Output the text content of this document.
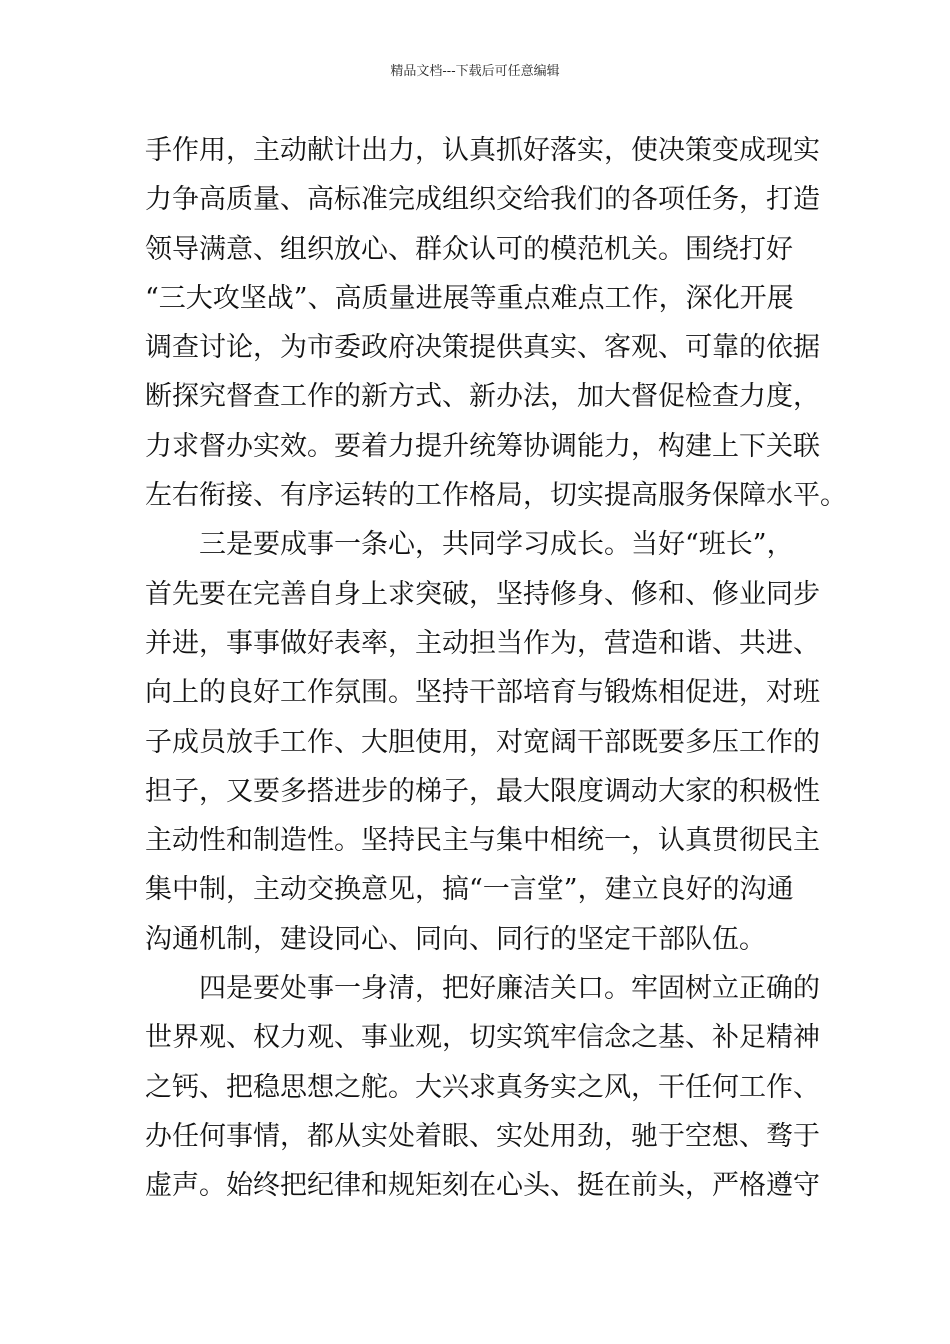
精品文档---下载后可任意编辑
手作用，主动献计出力，认真抓好落实，使决策变成现实
力争高质量、高标准完成组织交给我们的各项任务，打造
领导满意、组织放心、群众认可的模范机关。围绕打好
“三大攻坚战”、高质量进展等重点难点工作，深化开展
调查讨论，为市委政府决策提供真实、客观、可靠的依据
断探究督查工作的新方式、新办法，加大督促检查力度，
力求督办实效。要着力提升统筹协调能力，构建上下关联
左右衔接、有序运转的工作格局，切实提高服务保障水平。
三是要成事一条心，共同学习成长。当好“班长”，
首先要在完善自身上求突破，坚持修身、修和、修业同步
并进，事事做好表率，主动担当作为，营造和谐、共进、
向上的良好工作氛围。坚持干部培育与锻炼相促进，对班
子成员放手工作、大胆使用，对宽阔干部既要多压工作的
担子，又要多搭进步的梯子，最大限度调动大家的积极性
主动性和制造性。坚持民主与集中相统一，认真贯彻民主
集中制，主动交换意见，搞“一言堂”，建立良好的沟通
沟通机制，建设同心、同向、同行的坚定干部队伍。
四是要处事一身清，把好廉洁关口。牢固树立正确的
世界观、权力观、事业观，切实筑牢信念之基、补足精神
之钙、把稳思想之舵。大兴求真务实之风，干任何工作、
办任何事情，都从实处着眼、实处用劲，驰于空想、骛于
虚声。始终把纪律和规矩刻在心头、挺在前头，严格遵守
